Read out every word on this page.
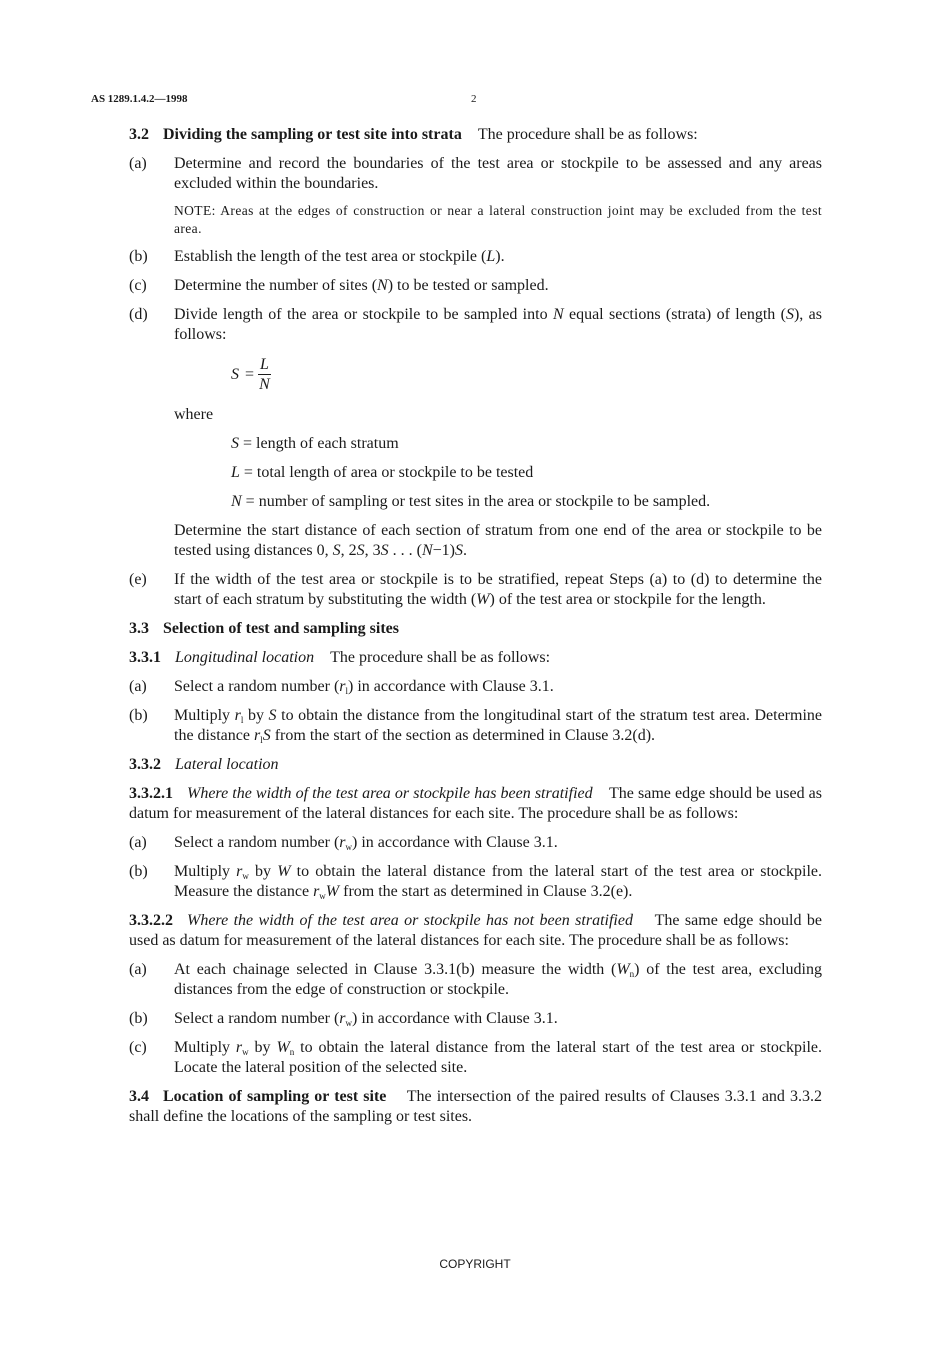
AS 1289.1.4.2—1998	2

3.2 Dividing the sampling or test site into strata The procedure shall be as follows:

(a)	Determine and record the boundaries of the test area or stockpile to be assessed and any areas excluded within the boundaries.
NOTE: Areas at the edges of construction or near a lateral construction joint may be excluded from the test area.
(b)	Establish the length of the test area or stockpile (L).
(c)	Determine the number of sites (N) to be tested or sampled.
(d)	Divide length of the area or stockpile to be sampled into N equal sections (strata) of length (S), as follows:
$S = \frac{L}{N}$

where

S = length of each stratum

L = total length of area or stockpile to be tested

N = number of sampling or test sites in the area or stockpile to be sampled.

Determine the start distance of each section of stratum from one end of the area or stockpile to be tested using distances 0, S, 2S, 3S . . . (N−1)S.

(e)	If the width of the test area or stockpile is to be stratified, repeat Steps (a) to (d) to determine the start of each stratum by substituting the width (W) of the test area or stockpile for the length.

3.3 Selection of test and sampling sites

3.3.1 Longitudinal location The procedure shall be as follows:

(a)	Select a random number $(r_l)$ in accordance with Clause 3.1.
(b)	Multiply $r_l$ by S to obtain the distance from the longitudinal start of the stratum test area. Determine the distance $r_lS$ from the start of the section as determined in Clause 3.2(d).

3.3.2 Lateral location

3.3.2.1 Where the width of the test area or stockpile has been stratified The same edge should be used as datum for measurement of the lateral distances for each site. The procedure shall be as follows:

(a)	Select a random number $(r_w)$ in accordance with Clause 3.1.
(b)	Multiply $r_w$ by W to obtain the lateral distance from the lateral start of the test area or stockpile. Measure the distance $r_wW$ from the start as determined in Clause 3.2(e).

3.3.2.2 Where the width of the test area or stockpile has not been stratified The same edge should be used as datum for measurement of the lateral distances for each site. The procedure shall be as follows:

(a)	At each chainage selected in Clause 3.3.1(b) measure the width $(W_n)$ of the test area, excluding distances from the edge of construction or stockpile.
(b)	Select a random number $(r_w)$ in accordance with Clause 3.1.
(c)	Multiply $r_w$ by $W_n$ to obtain the lateral distance from the lateral start of the test area or stockpile. Locate the lateral position of the selected site.

3.4 Location of sampling or test site The intersection of the paired results of Clauses 3.3.1 and 3.3.2 shall define the locations of the sampling or test sites.

COPYRIGHT
